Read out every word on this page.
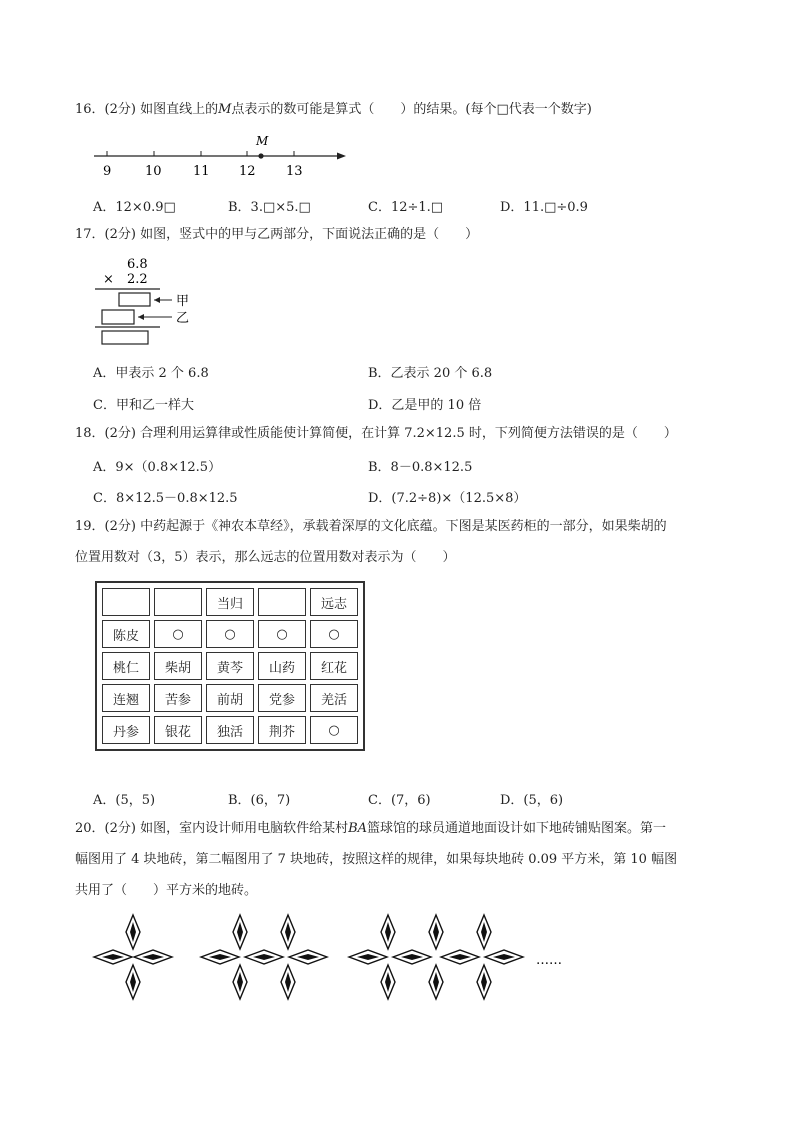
16．(2分) 如图直线上的M点表示的数可能是算式（　　）的结果。(每个□代表一个数字)
M
9	10 11 12 13
A．12×0.9□	B．3.□×5.□	C．12÷1.□	D．11.□÷0.9
17．(2分) 如图，竖式中的甲与乙两部分，下面说法正确的是（　　）
6.8
× 2.2
甲
乙
A．甲表示 2 个 6.8	B．乙表示 20 个 6.8
C．甲和乙一样大	D．乙是甲的 10 倍
18．(2分) 合理利用运算律或性质能使计算简便，在计算 7.2×12.5 时，下列简便方法错误的是（　　）
A．9×（0.8×12.5）	B．8－0.8×12.5
C．8×12.5－0.8×12.5	D．(7.2÷8)×（12.5×8）
19．(2分) 中药起源于《神农本草经》，承载着深厚的文化底蕴。下图是某医药柜的一部分，如果柴胡的
位置用数对（3，5）表示，那么远志的位置用数对表示为（　　）
		当归		远志
陈皮	○	○	○	○
桃仁	柴胡	黄芩	山药	红花
连翘	苦参	前胡	党参	羌活
丹参	银花	独活	荆芥	○
A．(5，5)	B．(6，7)	C．(7，6)	D．(5，6)
20．(2分) 如图，室内设计师用电脑软件给某村BA篮球馆的球员通道地面设计如下地砖铺贴图案。第一
幅图用了 4 块地砖，第二幅图用了 7 块地砖，按照这样的规律，如果每块地砖 0.09 平方米，第 10 幅图
共用了（　　）平方米的地砖。
……
